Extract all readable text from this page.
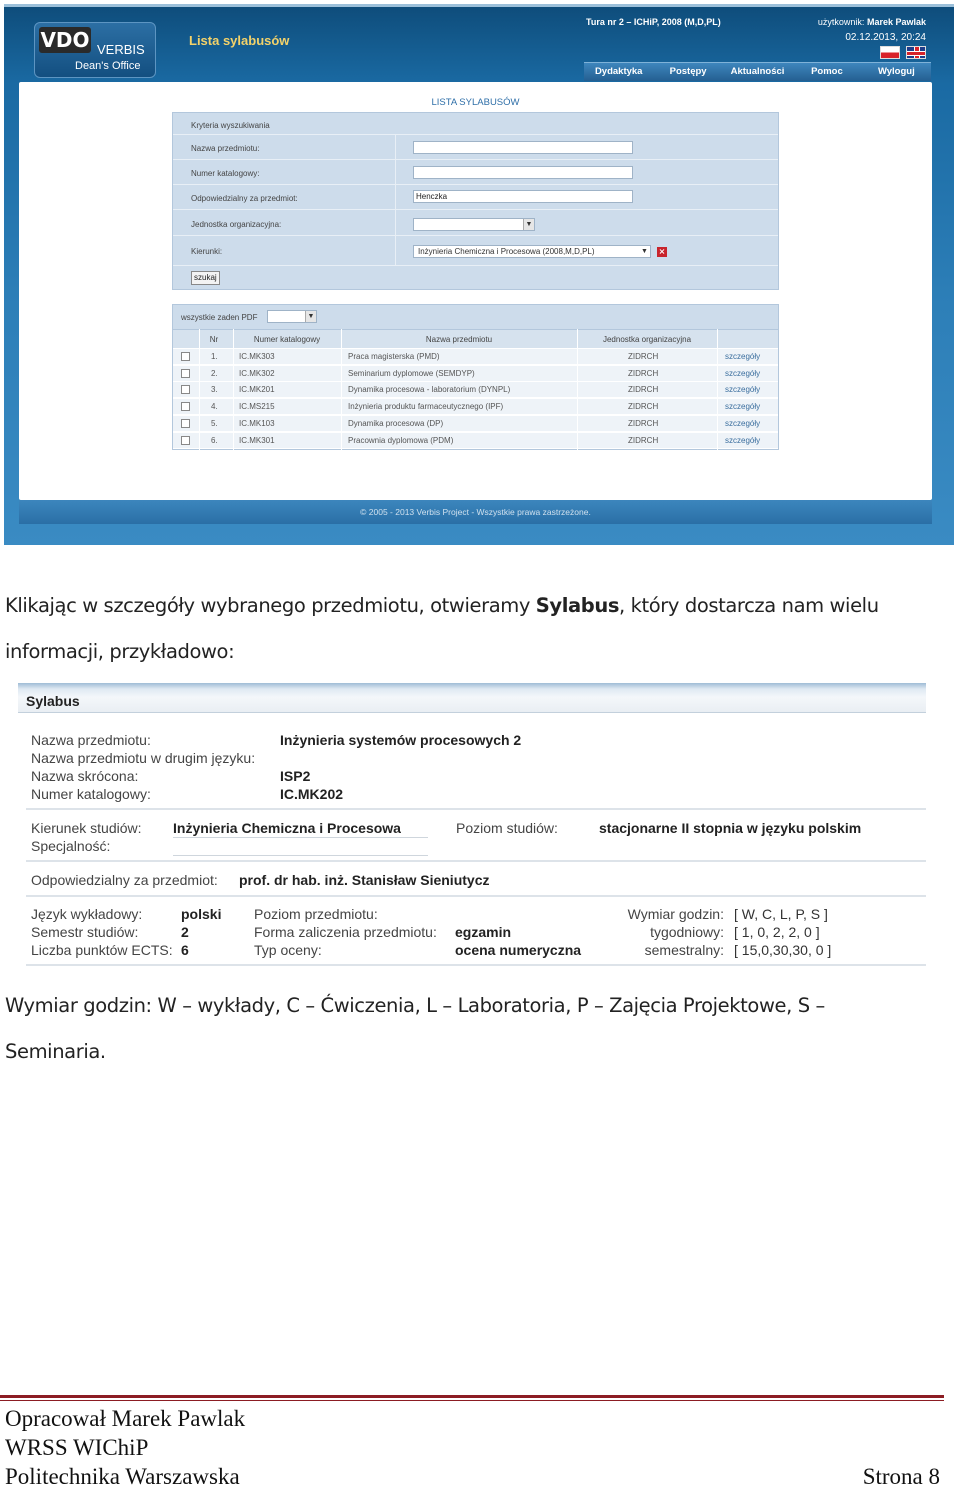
VDO VERBIS
Dean's Office
Lista sylabusów
Tura nr 2 – ICHiP, 2008 (M,D,PL)	użytkownik: Marek Pawlak
02.12.2013, 20:24
Dydaktyka	Postępy	Aktualności	Pomoc	Wyloguj
LISTA SYLABUSÓW
Kryteria wyszukiwania
Nazwa przedmiotu:
Numer katalogowy:
Odpowiedzialny za przedmiot:	Henczka
Jednostka organizacyjna:	▼
Kierunki:	Inżynieria Chemiczna i Procesowa (2008,M,D,PL)	▼ ×
szukaj
wszystkie zaden PDF	▼
Nr	Numer katalogowy	Nazwa przedmiotu	Jednostka organizacyjna
1.	IC.MK303	Praca magisterska (PMD)	ZIDRCH	szczegóły
2.	IC.MK302	Seminarium dyplomowe (SEMDYP)	ZIDRCH	szczegóły
3.	IC.MK201	Dynamika procesowa - laboratorium (DYNPL)	ZIDRCH	szczegóły
4.	IC.MS215	Inżynieria produktu farmaceutycznego (IPF)	ZIDRCH	szczegóły
5.	IC.MK103	Dynamika procesowa (DP)	ZIDRCH	szczegóły
6.	IC.MK301	Pracownia dyplomowa (PDM)	ZIDRCH	szczegóły
© 2005 - 2013 Verbis Project - Wszystkie prawa zastrzeżone.
Klikając w szczegóły wybranego przedmiotu, otwieramy Sylabus, który dostarcza nam wielu
informacji, przykładowo:
Sylabus
Nazwa przedmiotu:	Inżynieria systemów procesowych 2
Nazwa przedmiotu w drugim języku:
Nazwa skrócona:	ISP2
Numer katalogowy:	IC.MK202
Kierunek studiów: Inżynieria Chemiczna i Procesowa	Poziom studiów:	stacjonarne II stopnia w języku polskim
Specjalność:
Odpowiedzialny za przedmiot: prof. dr hab. inż. Stanisław Sieniutycz
Język wykładowy:	polski
Semestr studiów:	2
Liczba punktów ECTS: 6
Poziom przedmiotu:
Forma zaliczenia przedmiotu: egzamin
Typ oceny:	ocena numeryczna
Wymiar godzin: [ W, C, L, P, S ]
tygodniowy: [ 1, 0, 2, 2, 0 ]
semestralny: [ 15,0,30,30, 0 ]
Wymiar godzin: W – wykłady, C – Ćwiczenia, L – Laboratoria, P – Zajęcia Projektowe, S –
Seminaria.
Opracował Marek Pawlak
WRSS WIChiP
Politechnika Warszawska	Strona 8
